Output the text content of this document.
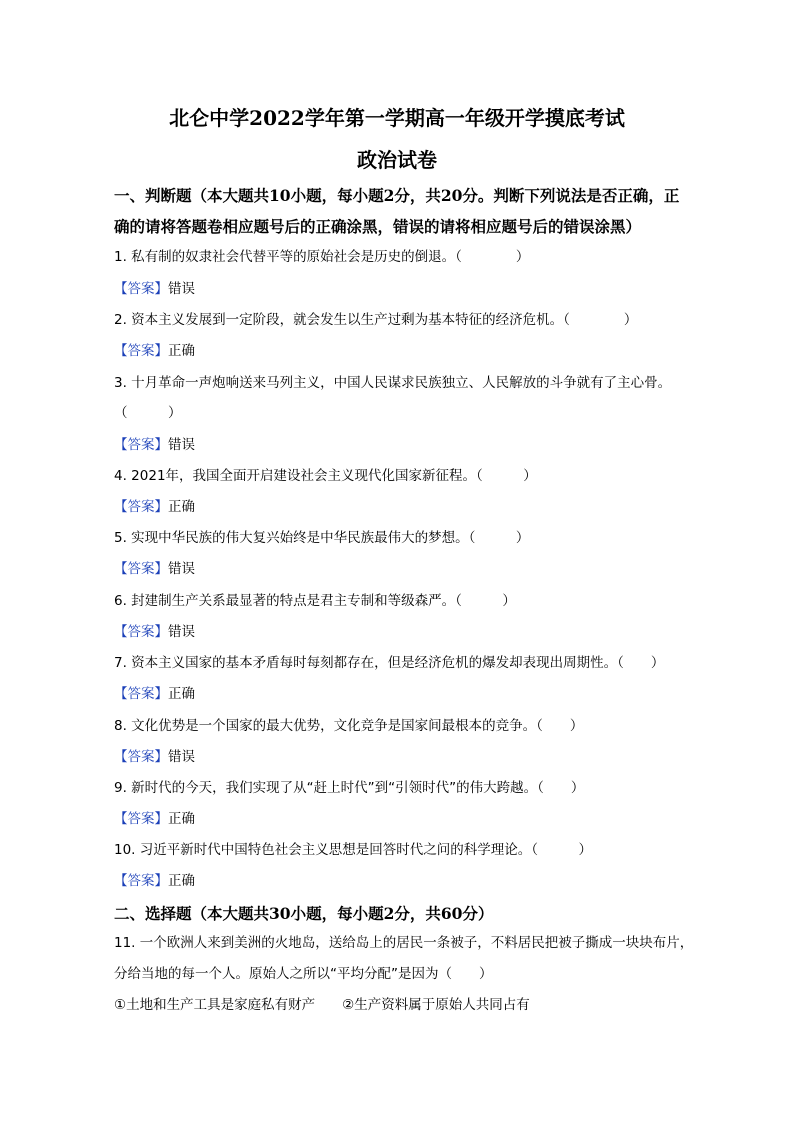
北仑中学2022学年第一学期高一年级开学摸底考试
政治试卷
一、判断题（本大题共10小题，每小题2分，共20分。判断下列说法是否正确，正
确的请将答题卷相应题号后的正确涂黑，错误的请将相应题号后的错误涂黑）
1. 私有制的奴隶社会代替平等的原始社会是历史的倒退。（　　　　）
【答案】错误
2. 资本主义发展到一定阶段，就会发生以生产过剩为基本特征的经济危机。（　　　　）
【答案】正确
3. 十月革命一声炮响送来马列主义，中国人民谋求民族独立、人民解放的斗争就有了主心骨。
（　　　）
【答案】错误
4. 2021年，我国全面开启建设社会主义现代化国家新征程。（　　　）
【答案】正确
5. 实现中华民族的伟大复兴始终是中华民族最伟大的梦想。（　　　）
【答案】错误
6. 封建制生产关系最显著的特点是君主专制和等级森严。（　　　）
【答案】错误
7. 资本主义国家的基本矛盾每时每刻都存在，但是经济危机的爆发却表现出周期性。（　　）
【答案】正确
8. 文化优势是一个国家的最大优势，文化竞争是国家间最根本的竞争。（　　）
【答案】错误
9. 新时代的今天，我们实现了从“赶上时代”到“引领时代”的伟大跨越。（　　）
【答案】正确
10. 习近平新时代中国特色社会主义思想是回答时代之问的科学理论。（　　　）
【答案】正确
二、选择题（本大题共30小题，每小题2分，共60分）
11. 一个欧洲人来到美洲的火地岛，送给岛上的居民一条被子，不料居民把被子撕成一块块布片，
分给当地的每一个人。原始人之所以“平均分配”是因为（　　）
①土地和生产工具是家庭私有财产　　②生产资料属于原始人共同占有
